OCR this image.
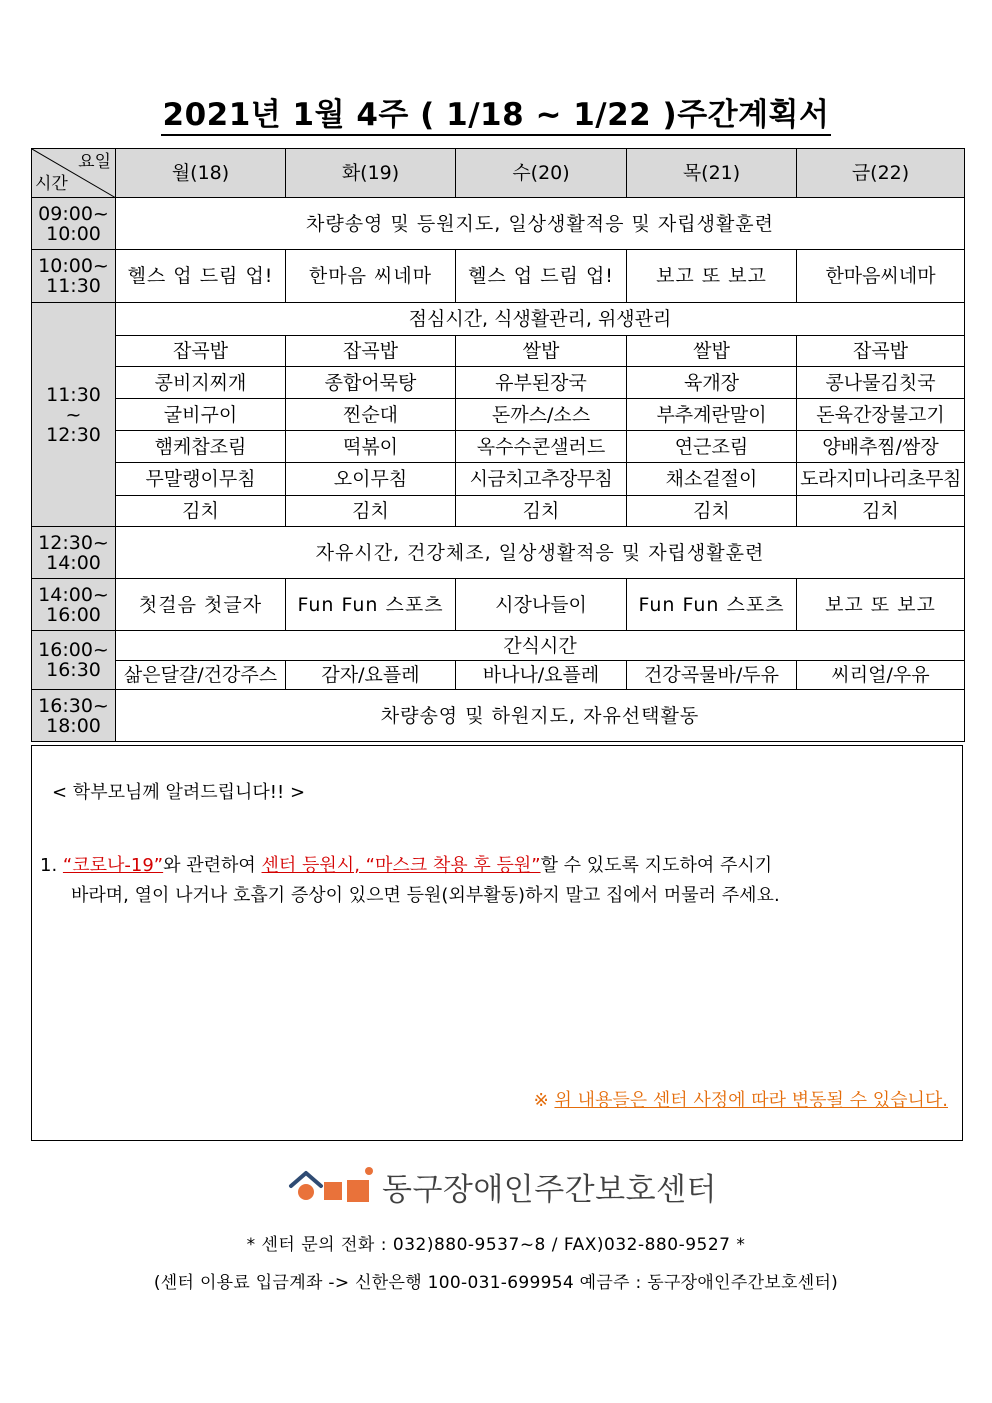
2021년 1월 4주 ( 1/18 ~ 1/22 )주간계획서
요일
시간	월(18)	화(19)	수(20)	목(21)	금(22)

09:00~
10:00	차량송영 및 등원지도, 일상생활적응 및 자립생활훈련				

10:00~
11:30	헬스 업 드림 업!	한마음 씨네마	헬스 업 드림 업!	보고 또 보고	한마음씨네마

11:30
~
12:30	점심시간, 식생활관리, 위생관리				
	잡곡밥	잡곡밥	쌀밥	쌀밥	잡곡밥
	콩비지찌개	종합어묵탕	유부된장국	육개장	콩나물김칫국
	굴비구이	찐순대	돈까스/소스	부추계란말이	돈육간장불고기
	햄케찹조림	떡볶이	옥수수콘샐러드	연근조림	양배추찜/쌈장
	무말랭이무침	오이무침	시금치고추장무침	채소겉절이	도라지미나리초무침
	김치	김치	김치	김치	김치

12:30~
14:00	자유시간, 건강체조, 일상생활적응 및 자립생활훈련				

14:00~
16:00	첫걸음 첫글자	Fun Fun 스포츠	시장나들이	Fun Fun 스포츠	보고 또 보고

16:00~
16:30	간식시간				
	삶은달걀/건강주스	감자/요플레	바나나/요플레	건강곡물바/두유	씨리얼/우유

16:30~
18:00	차량송영 및 하원지도, 자유선택활동				
< 학부모님께 알려드립니다!! >
1. “코로나-19”와 관련하여 센터 등원시, “마스크 착용 후 등원”할 수 있도록 지도하여 주시기
바라며, 열이 나거나 호흡기 증상이 있으면 등원(외부활동)하지 말고 집에서 머물러 주세요.
※ 위 내용들은 센터 사정에 따라 변동될 수 있습니다.
동구장애인주간보호센터
* 센터 문의 전화 : 032)880-9537~8 / FAX)032-880-9527 *
(센터 이용료 입금계좌 -> 신한은행 100-031-699954 예금주 : 동구장애인주간보호센터)
